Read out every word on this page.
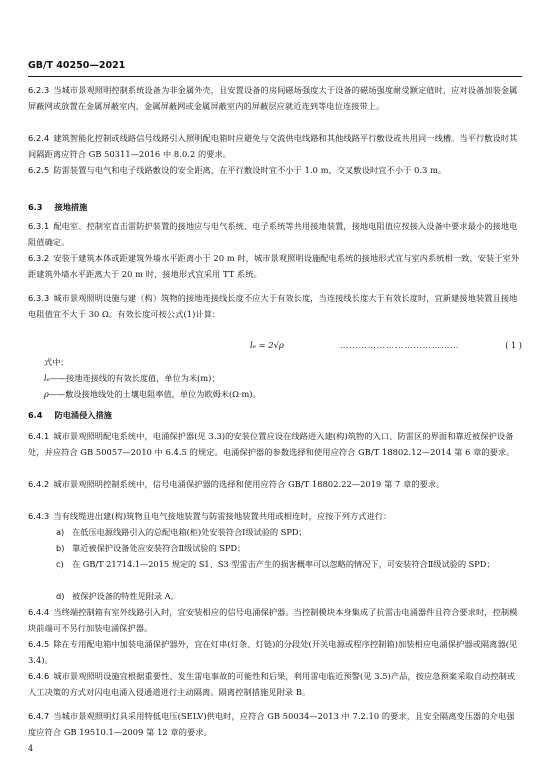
GB/T 40250—2021
6.2.3 当城市景观照明控制系统设备为非金属外壳，且安置设备的房间磁场强度大于设备的磁场强度耐受额定值时，应对设备加装金属屏蔽网或放置在金属屏蔽室内，金属屏蔽网或金属屏蔽室内的屏蔽层应就近连到等电位连接带上。
6.2.4 建筑智能化控制或线路信号线路引入照明配电箱时应避免与交流供电线路和其他线路平行敷设或共用同一线槽。当平行敷设时其间隔距离应符合 GB 50311—2016 中 8.0.2 的要求。
6.2.5 防雷装置与电气和电子线路敷设的安全距离，在平行敷设时宜不小于 1.0 m，交叉敷设时宜不小于 0.3 m。
6.3 接地措施
6.3.1 配电室、控制室直击雷防护装置的接地应与电气系统、电子系统等共用接地装置，接地电阻值应按接入设备中要求最小的接地电阻值确定。
6.3.2 安装于建筑本体或距建筑外墙水平距离小于 20 m 时，城市景观照明设施配电系统的接地形式宜与室内系统相一致，安装于室外距建筑外墙水平距离大于 20 m 时，接地形式宜采用 TT 系统。
6.3.3 城市景观照明设施与建（构）筑物的接地连接线长度不应大于有效长度，当连接线长度大于有效长度时，宜新建接地装置且接地电阻值宜不大于 30 Ω。有效长度可按公式(1)计算：
lₑ = 2√ρ	…………………………………	( 1 )
式中：
lₑ——接地连接线的有效长度值，单位为米(m)；
ρ——敷设接地线处的土壤电阻率值，单位为欧姆米(Ω·m)。
6.4 防电涌侵入措施
6.4.1 城市景观照明配电系统中，电涌保护器(见 3.3)的安装位置应设在线路进入建(构)筑物的入口、防雷区的界面和靠近被保护设备处，并应符合 GB 50057—2010 中 6.4.5 的规定。电涌保护器的参数选择和使用应符合 GB/T 18802.12—2014 第 6 章的要求。
6.4.2 城市景观照明控制系统中，信号电涌保护器的选择和使用应符合 GB/T 18802.22—2019 第 7 章的要求。
6.4.3 当有线缆进出建(构)筑物且电气接地装置与防雷接地装置共用或相连时，应按下列方式进行：
a) 在低压电源线路引入的总配电箱(柜)处安装符合Ⅰ级试验的 SPD；
b) 靠近被保护设备处应安装符合Ⅱ级试验的 SPD；
c) 在 GB/T 21714.1—2015 规定的 S1、S3 型雷击产生的损害概率可以忽略的情况下，可安装符合Ⅱ级试验的 SPD；
d) 被保护设备的特性见附录 A。
6.4.4 当终端控制箱有室外线路引入时，宜安装相应的信号电涌保护器。当控制模块本身集成了抗雷击电涌器件且符合要求时，控制模块前端可不另行加装电涌保护器。
6.4.5 除在专用配电箱中加装电涌保护器外，宜在灯串(灯条、灯链)的分段处(开关电源或程序控制箱)加装相应电涌保护器或隔离器(见 3.4)。
6.4.6 城市景观照明设施宜根据重要性、发生雷电事故的可能性和后果，利用雷电临近预警(见 3.5)产品，按应急预案采取自动控制或人工决策的方式对闪电电涌入侵通道进行主动隔离。隔离控制措施见附录 B。
6.4.7 当城市景观照明灯具采用特低电压(SELV)供电时，应符合 GB 50034—2013 中 7.2.10 的要求，且安全隔离变压器的介电强度应符合 GB 19510.1—2009 第 12 章的要求。
4
